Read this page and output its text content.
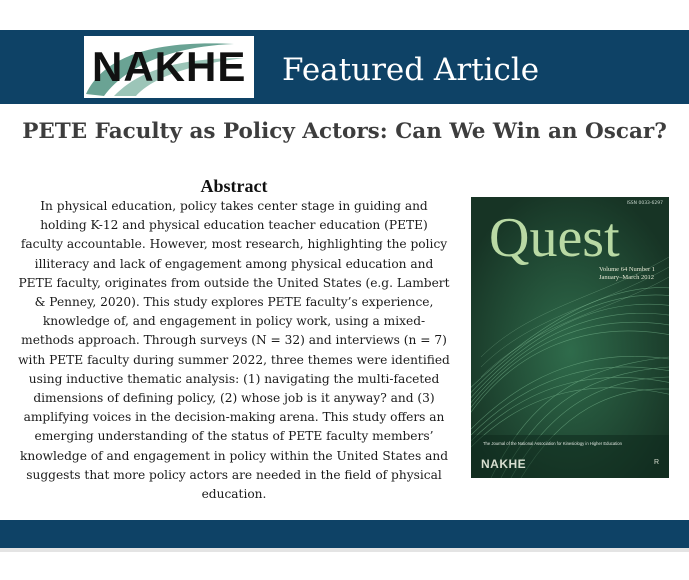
NAKHE Featured Article
PETE Faculty as Policy Actors: Can We Win an Oscar?
Abstract
In physical education, policy takes center stage in guiding and holding K-12 and physical education teacher education (PETE) faculty accountable. However, most research, highlighting the policy illiteracy and lack of engagement among physical education and PETE faculty, originates from outside the United States (e.g. Lambert & Penney, 2020). This study explores PETE faculty’s experience, knowledge of, and engagement in policy work, using a mixed-methods approach. Through surveys (N = 32) and interviews (n = 7) with PETE faculty during summer 2022, three themes were identified using inductive thematic analysis: (1) navigating the multi-faceted dimensions of defining policy, (2) whose job is it anyway? and (3) amplifying voices in the decision-making arena. This study offers an emerging understanding of the status of PETE faculty members’ knowledge of and engagement in policy within the United States and suggests that more policy actors are needed in the field of physical education.
ISSN 0033-6297
Quest
Volume 64 Number 1
January–March 2012
The Journal of the National Association for Kinesiology in Higher Education
NAKHE	R
